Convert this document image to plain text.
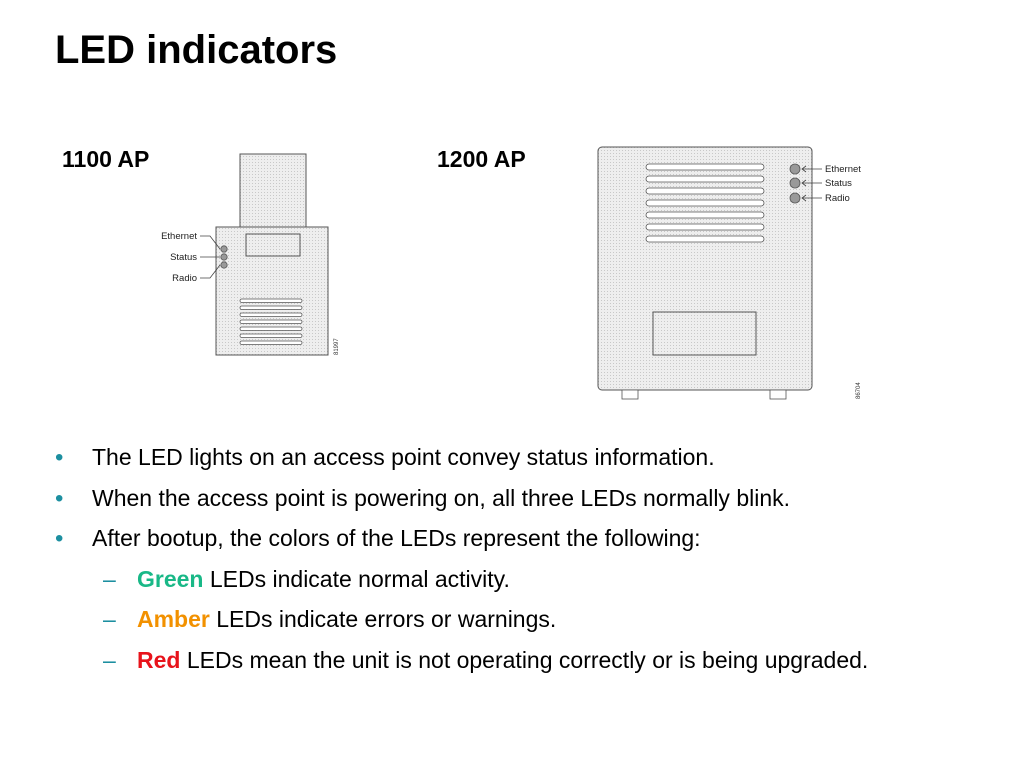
LED indicators
1100 AP	1200 AP
Ethernet
Status
Radio
81997
Ethernet
Status
Radio
86704
• The LED lights on an access point convey status information.
• When the access point is powering on, all three LEDs normally blink.
• After bootup, the colors of the LEDs represent the following:
– Green LEDs indicate normal activity.
– Amber LEDs indicate errors or warnings.
– Red LEDs mean the unit is not operating correctly or is being upgraded.
